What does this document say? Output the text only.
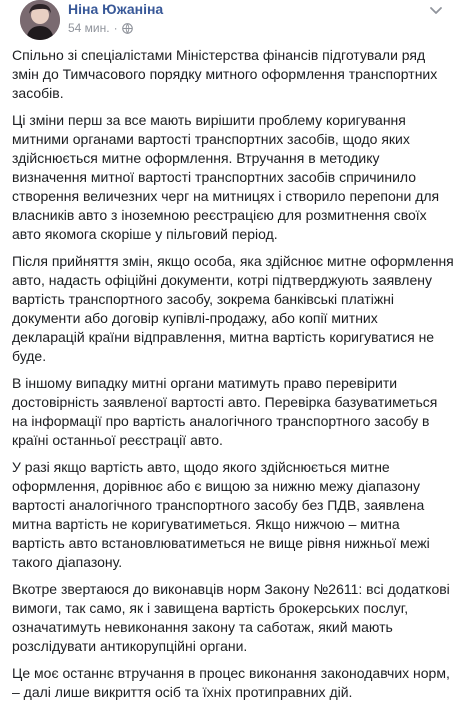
Ніна Южаніна
54 мин. ·

Спільно зі спеціалістами Міністерства фінансів підготували ряд змін до Тимчасового порядку митного оформлення транспортних засобів.

Ці зміни перш за все мають вирішити проблему коригування митними органами вартості транспортних засобів, щодо яких здійснюється митне оформлення. Втручання в методику визначення митної вартості транспортних засобів спричинило створення величезних черг на митницях і створило перепони для власників авто з іноземною реєстрацією для розмитнення своїх авто якомога скоріше у пільговий період.

Після прийняття змін, якщо особа, яка здійснює митне оформлення авто, надасть офіційні документи, котрі підтверджують заявлену вартість транспортного засобу, зокрема банківські платіжні документи або договір купівлі-продажу, або копії митних декларацій країни відправлення, митна вартість коригуватися не буде.

В іншому випадку митні органи матимуть право перевірити достовірність заявленої вартості авто. Перевірка базуватиметься на інформації про вартість аналогічного транспортного засобу в країні останньої реєстрації авто.

У разі якщо вартість авто, щодо якого здійснюється митне оформлення, дорівнює або є вищою за нижню межу діапазону вартості аналогічного транспортного засобу без ПДВ, заявлена митна вартість не коригуватиметься. Якщо нижчою – митна вартість авто встановлюватиметься не вище рівня нижньої межі такого діапазону.

Вкотре звертаюся до виконавців норм Закону №2611: всі додаткові вимоги, так само, як і завищена вартість брокерських послуг, означатимуть невиконання закону та саботаж, який мають розслідувати антикорупційні органи.

Це моє останнє втручання в процес виконання законодавчих норм, – далі лише викриття осіб та їхніх протиправних дій.
